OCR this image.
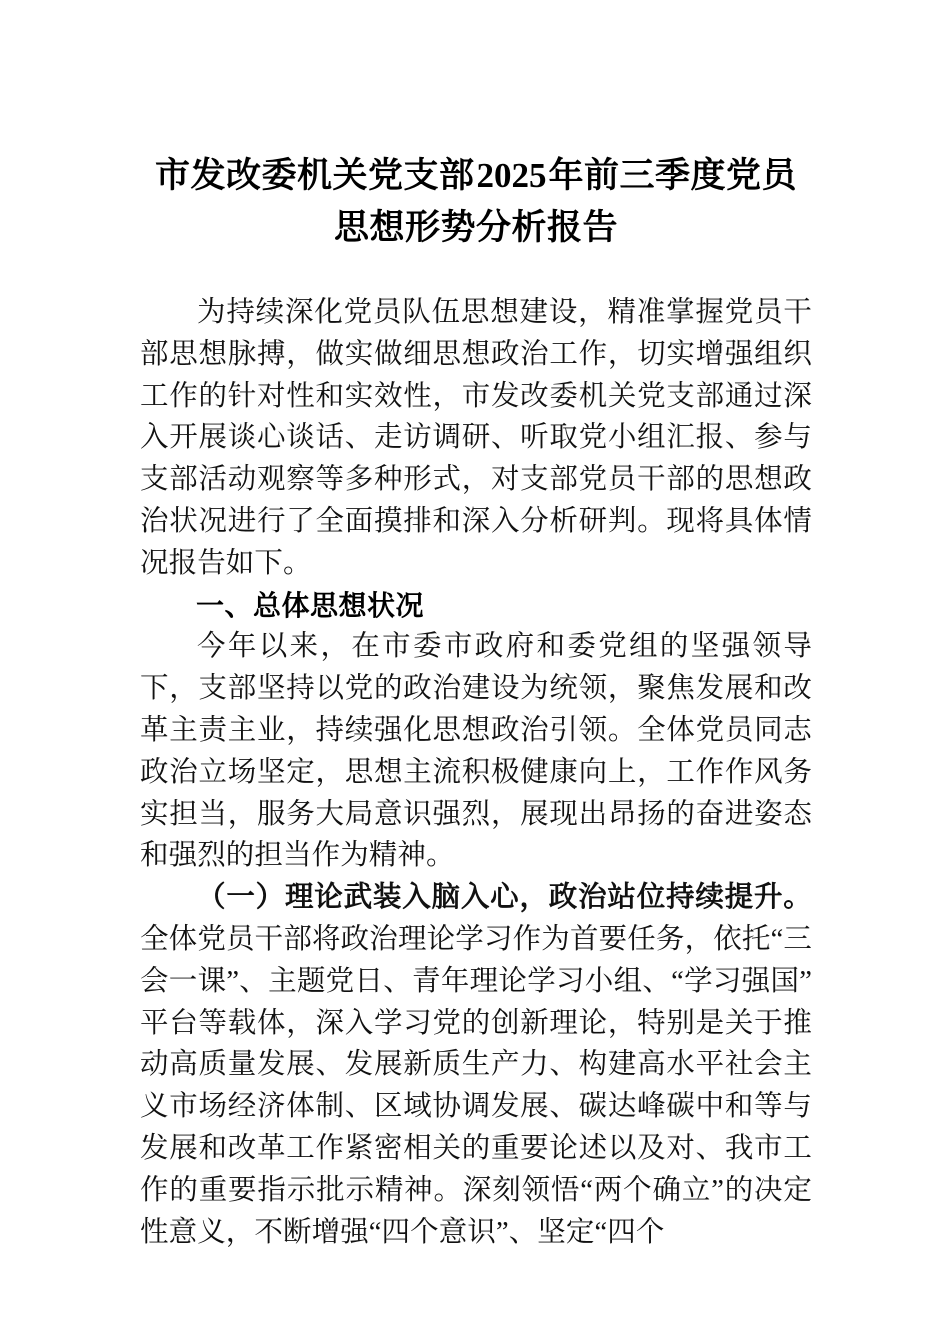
市发改委机关党支部2025年前三季度党员
思想形势分析报告

为持续深化党员队伍思想建设，精准掌握党员干部思想脉搏，做实做细思想政治工作，切实增强组织工作的针对性和实效性，市发改委机关党支部通过深入开展谈心谈话、走访调研、听取党小组汇报、参与支部活动观察等多种形式，对支部党员干部的思想政治状况进行了全面摸排和深入分析研判。现将具体情况报告如下。

一、总体思想状况

今年以来，在市委市政府和委党组的坚强领导下，支部坚持以党的政治建设为统领，聚焦发展和改革主责主业，持续强化思想政治引领。全体党员同志政治立场坚定，思想主流积极健康向上，工作作风务实担当，服务大局意识强烈，展现出昂扬的奋进姿态和强烈的担当作为精神。

（一）理论武装入脑入心，政治站位持续提升。全体党员干部将政治理论学习作为首要任务，依托“三会一课”、主题党日、青年理论学习小组、“学习强国”平台等载体，深入学习党的创新理论，特别是关于推动高质量发展、发展新质生产力、构建高水平社会主义市场经济体制、区域协调发展、碳达峰碳中和等与发展和改革工作紧密相关的重要论述以及对、我市工作的重要指示批示精神。深刻领悟“两个确立”的决定性意义，不断增强“四个意识”、坚定“四个
